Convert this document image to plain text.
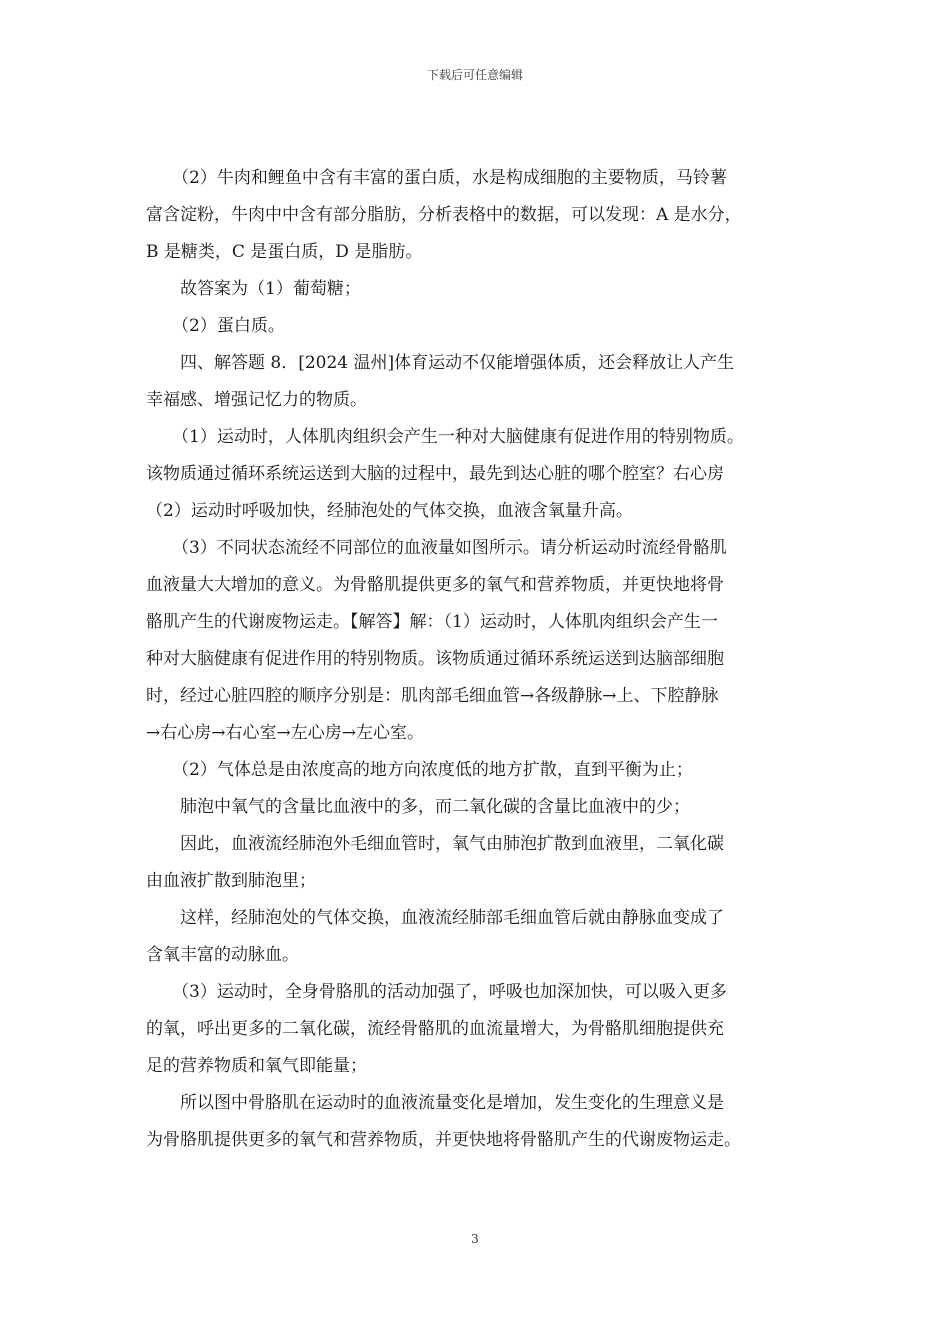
下载后可任意编辑
（2）牛肉和鲤鱼中含有丰富的蛋白质，水是构成细胞的主要物质，马铃薯
富含淀粉，牛肉中中含有部分脂肪，分析表格中的数据，可以发现：A 是水分，
B 是糖类，C 是蛋白质，D 是脂肪。
故答案为（1）葡萄糖；
（2）蛋白质。
四、解答题 8．[2024 温州]体育运动不仅能增强体质，还会释放让人产生
幸福感、增强记忆力的物质。
（1）运动时，人体肌肉组织会产生一种对大脑健康有促进作用的特别物质。
该物质通过循环系统运送到大脑的过程中，最先到达心脏的哪个腔室？右心房
（2）运动时呼吸加快，经肺泡处的气体交换，血液含氧量升高。
（3）不同状态流经不同部位的血液量如图所示。请分析运动时流经骨骼肌
血液量大大增加的意义。为骨骼肌提供更多的氧气和营养物质，并更快地将骨
骼肌产生的代谢废物运走。【解答】解：（1）运动时，人体肌肉组织会产生一
种对大脑健康有促进作用的特别物质。该物质通过循环系统运送到达脑部细胞
时，经过心脏四腔的顺序分别是：肌肉部毛细血管→各级静脉→上、下腔静脉
→右心房→右心室→左心房→左心室。
（2）气体总是由浓度高的地方向浓度低的地方扩散，直到平衡为止；
肺泡中氧气的含量比血液中的多，而二氧化碳的含量比血液中的少；
因此，血液流经肺泡外毛细血管时，氧气由肺泡扩散到血液里，二氧化碳
由血液扩散到肺泡里；
这样，经肺泡处的气体交换，血液流经肺部毛细血管后就由静脉血变成了
含氧丰富的动脉血。
（3）运动时，全身骨胳肌的活动加强了，呼吸也加深加快，可以吸入更多
的氧，呼出更多的二氧化碳，流经骨骼肌的血流量增大，为骨骼肌细胞提供充
足的营养物质和氧气即能量；
所以图中骨胳肌在运动时的血液流量变化是增加，发生变化的生理意义是
为骨胳肌提供更多的氧气和营养物质，并更快地将骨骼肌产生的代谢废物运走。
3
